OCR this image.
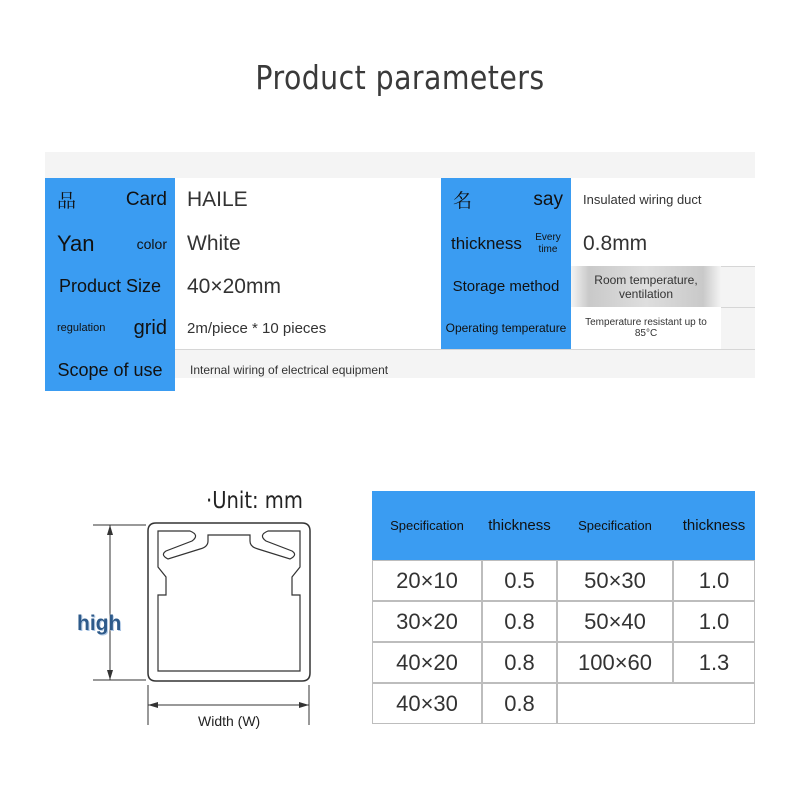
Product parameters
品	Card HAILE	名	say	Insulated wiring duct
Yan	color White	thickness Every time	0.8mm
Product Size	40×20mm	Storage method	Room temperature, ventilation
regulation grid	2m/piece * 10 pieces	Operating temperature	Temperature resistant up to 85°C
Scope of use	Internal wiring of electrical equipment
·Unit: mm
high
Width (W)
Specification	thickness	Specification	thickness
20×10	0.5	50×30	1.0
30×20	0.8	50×40	1.0
40×20	0.8	100×60	1.3
40×30	0.8
